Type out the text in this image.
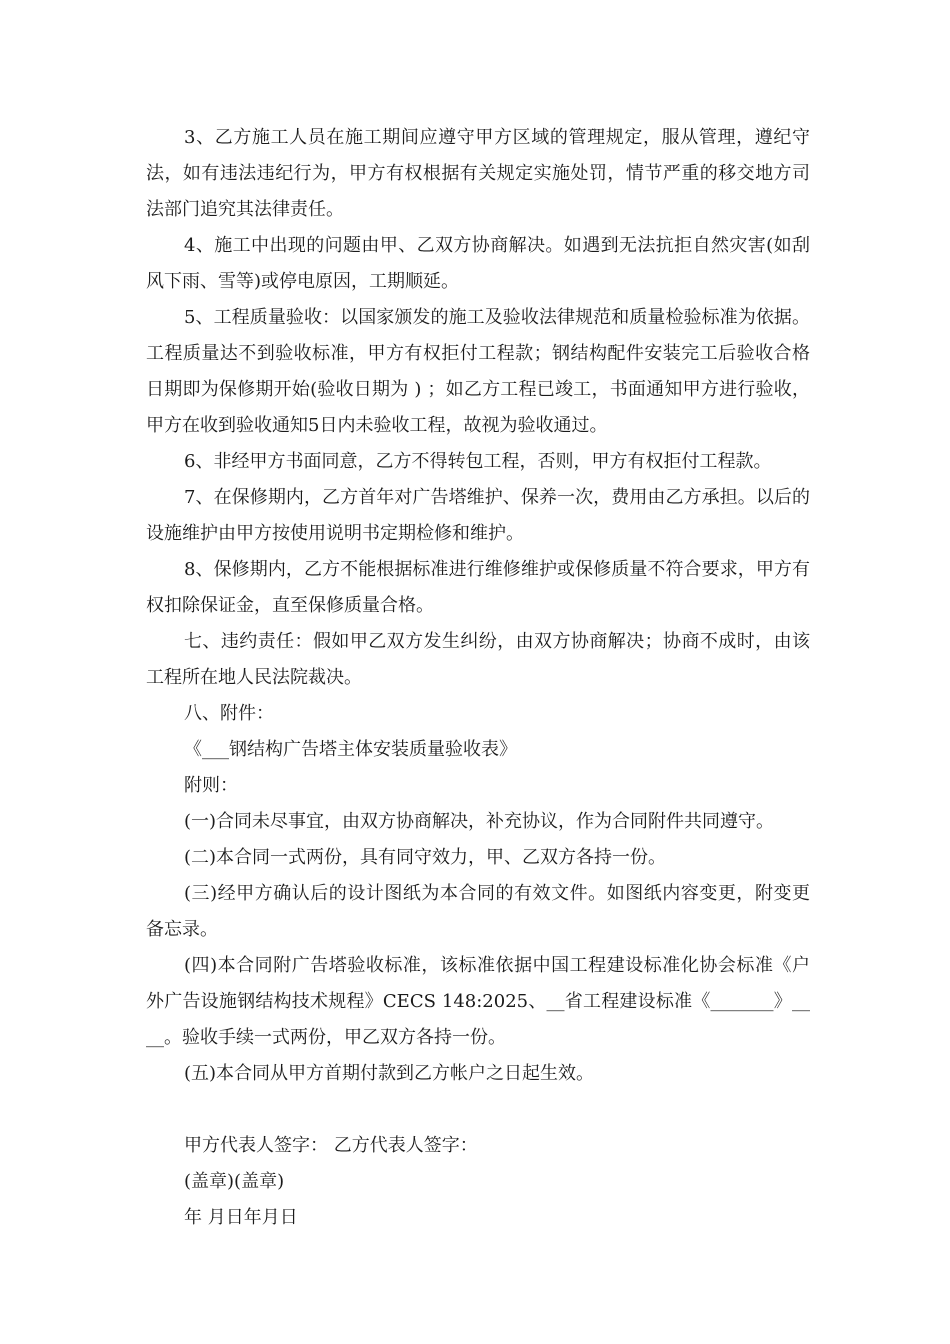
3、乙方施工人员在施工期间应遵守甲方区域的管理规定，服从管理，遵纪守法，如有违法违纪行为，甲方有权根据有关规定实施处罚，情节严重的移交地方司法部门追究其法律责任。

4、施工中出现的问题由甲、乙双方协商解决。如遇到无法抗拒自然灾害(如刮风下雨、雪等)或停电原因，工期顺延。

5、工程质量验收：以国家颁发的施工及验收法律规范和质量检验标准为依据。工程质量达不到验收标准，甲方有权拒付工程款；钢结构配件安装完工后验收合格日期即为保修期开始(验收日期为 ) ；如乙方工程已竣工，书面通知甲方进行验收，甲方在收到验收通知5日内未验收工程，故视为验收通过。

6、非经甲方书面同意，乙方不得转包工程，否则，甲方有权拒付工程款。

7、在保修期内，乙方首年对广告塔维护、保养一次，费用由乙方承担。以后的设施维护由甲方按使用说明书定期检修和维护。

8、保修期内，乙方不能根据标准进行维修维护或保修质量不符合要求，甲方有权扣除保证金，直至保修质量合格。

七、违约责任：假如甲乙双方发生纠纷，由双方协商解决；协商不成时，由该工程所在地人民法院裁决。

八、附件：

《___钢结构广告塔主体安装质量验收表》

附则：

(一)合同未尽事宜，由双方协商解决，补充协议，作为合同附件共同遵守。

(二)本合同一式两份，具有同守效力，甲、乙双方各持一份。

(三)经甲方确认后的设计图纸为本合同的有效文件。如图纸内容变更，附变更备忘录。

(四)本合同附广告塔验收标准，该标准依据中国工程建设标准化协会标准《户外广告设施钢结构技术规程》CECS 148:2025、__省工程建设标准《_______》____。验收手续一式两份，甲乙双方各持一份。

(五)本合同从甲方首期付款到乙方帐户之日起生效。

甲方代表人签字： 乙方代表人签字：

(盖章)(盖章)

年 月日年月日
